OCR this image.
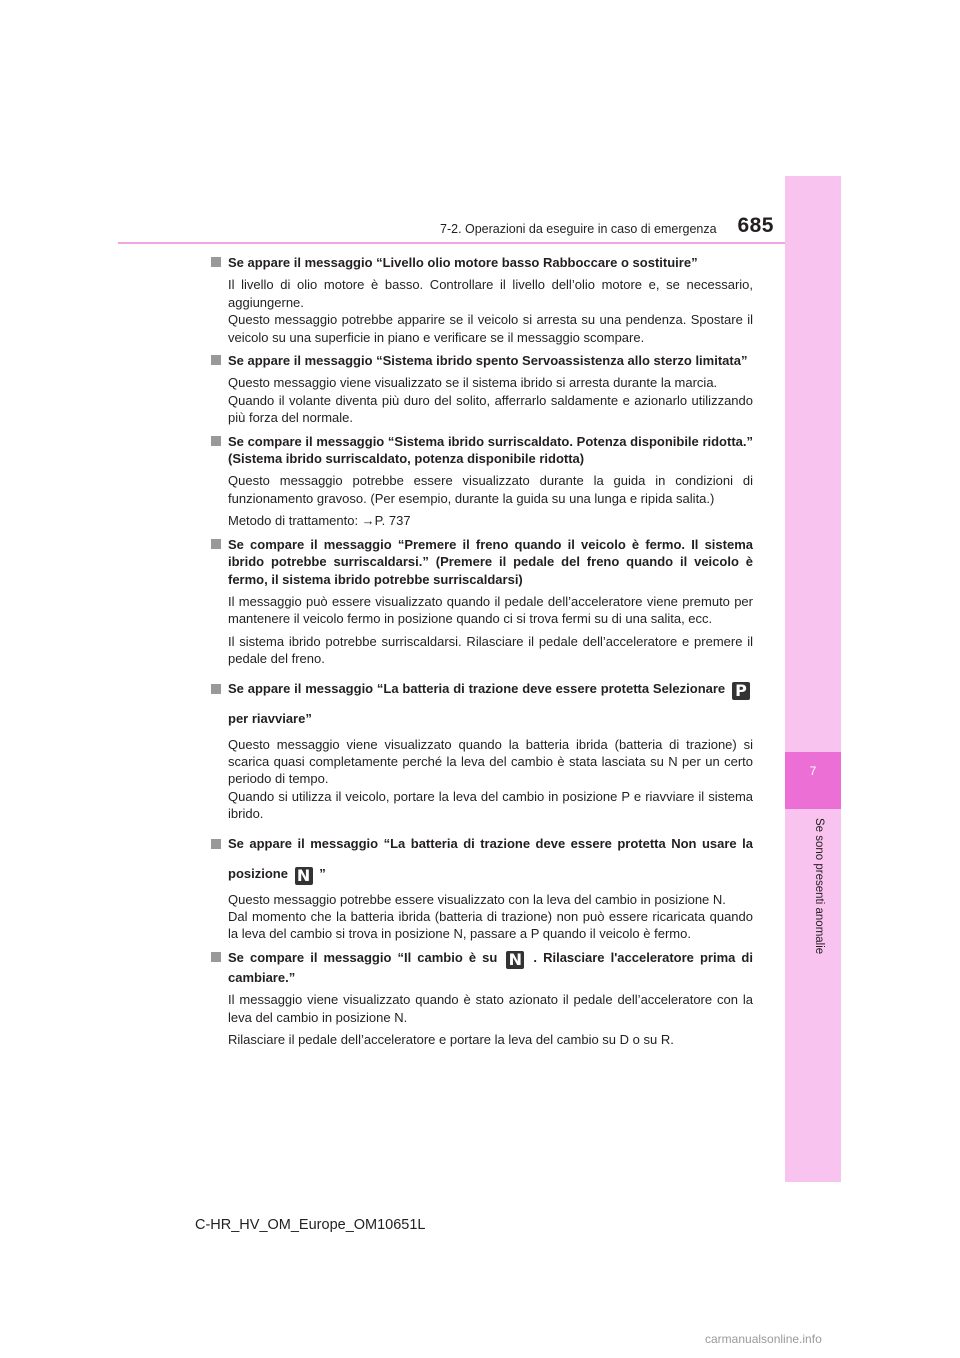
7
Se sono presenti anomalie
7-2. Operazioni da eseguire in caso di emergenza 685
Se appare il messaggio “Livello olio motore basso Rabboccare o sostituire”
Il livello di olio motore è basso. Controllare il livello dell’olio motore e, se necessario, aggiungerne.
Questo messaggio potrebbe apparire se il veicolo si arresta su una pendenza. Spostare il veicolo su una superficie in piano e verificare se il messaggio scompare.
Se appare il messaggio “Sistema ibrido spento Servoassistenza allo sterzo limitata”
Questo messaggio viene visualizzato se il sistema ibrido si arresta durante la marcia.
Quando il volante diventa più duro del solito, afferrarlo saldamente e azionarlo utilizzando più forza del normale.
Se compare il messaggio “Sistema ibrido surriscaldato. Potenza disponibile ridotta.” (Sistema ibrido surriscaldato, potenza disponibile ridotta)
Questo messaggio potrebbe essere visualizzato durante la guida in condizioni di funzionamento gravoso. (Per esempio, durante la guida su una lunga e ripida salita.)
Metodo di trattamento: →P. 737
Se compare il messaggio “Premere il freno quando il veicolo è fermo. Il sistema ibrido potrebbe surriscaldarsi.” (Premere il pedale del freno quando il veicolo è fermo, il sistema ibrido potrebbe surriscaldarsi)
Il messaggio può essere visualizzato quando il pedale dell’acceleratore viene premuto per mantenere il veicolo fermo in posizione quando ci si trova fermi su di una salita, ecc.
Il sistema ibrido potrebbe surriscaldarsi. Rilasciare il pedale dell’acceleratore e premere il pedale del freno.
Se appare il messaggio “La batteria di trazione deve essere protetta Selezionare P per riavviare”
Questo messaggio viene visualizzato quando la batteria ibrida (batteria di trazione) si scarica quasi completamente perché la leva del cambio è stata lasciata su N per un certo periodo di tempo.
Quando si utilizza il veicolo, portare la leva del cambio in posizione P e riavviare il sistema ibrido.
Se appare il messaggio “La batteria di trazione deve essere protetta Non usare la posizione N ”
Questo messaggio potrebbe essere visualizzato con la leva del cambio in posizione N.
Dal momento che la batteria ibrida (batteria di trazione) non può essere ricaricata quando la leva del cambio si trova in posizione N, passare a P quando il veicolo è fermo.
Se compare il messaggio “Il cambio è su N . Rilasciare l'acceleratore prima di cambiare.”
Il messaggio viene visualizzato quando è stato azionato il pedale dell’acceleratore con la leva del cambio in posizione N.
Rilasciare il pedale dell’acceleratore e portare la leva del cambio su D o su R.
C-HR_HV_OM_Europe_OM10651L
carmanualsonline.info
